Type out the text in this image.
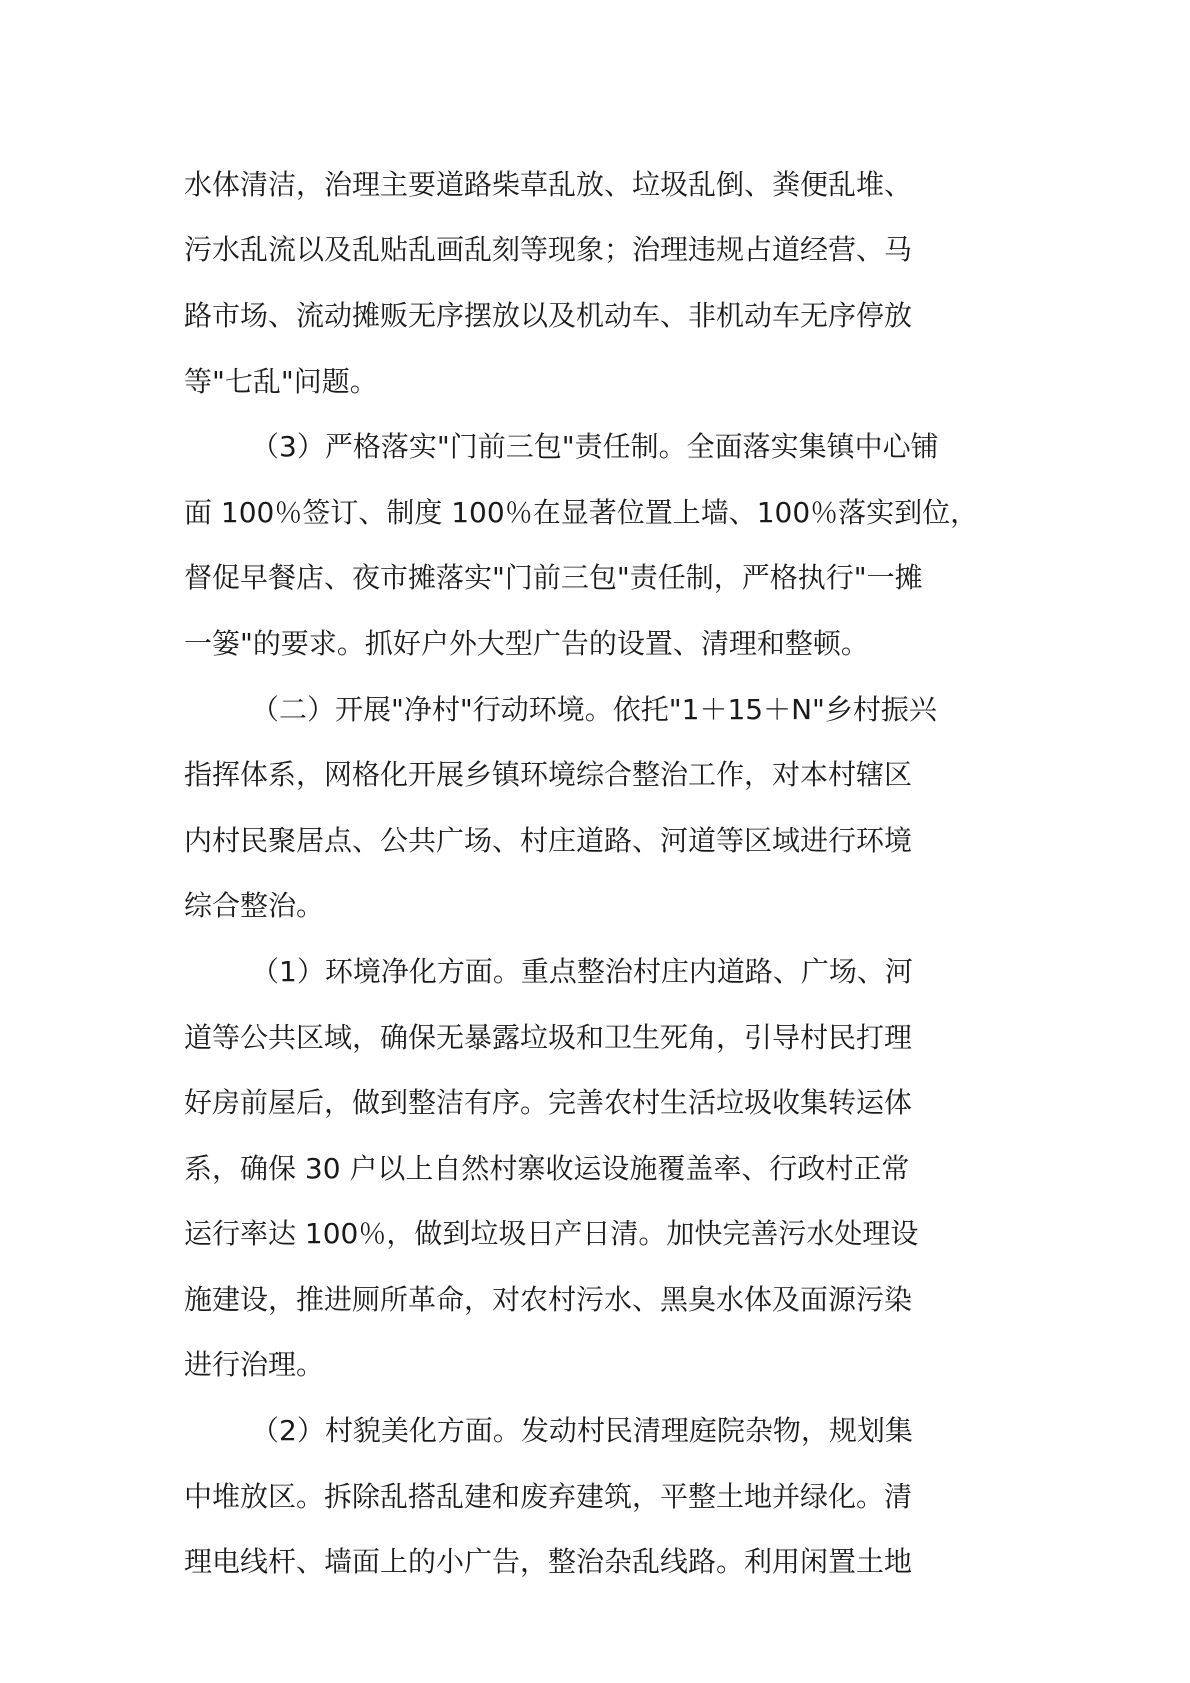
水体清洁，治理主要道路柴草乱放、垃圾乱倒、粪便乱堆、
污水乱流以及乱贴乱画乱刻等现象；治理违规占道经营、马
路市场、流动摊贩无序摆放以及机动车、非机动车无序停放
等"七乱"问题。
（3）严格落实"门前三包"责任制。全面落实集镇中心铺
面 100％签订、制度 100％在显著位置上墙、100％落实到位，
督促早餐店、夜市摊落实"门前三包"责任制，严格执行"一摊
一篓"的要求。抓好户外大型广告的设置、清理和整顿。
（二）开展"净村"行动环境。依托"1＋15＋N"乡村振兴
指挥体系，网格化开展乡镇环境综合整治工作，对本村辖区
内村民聚居点、公共广场、村庄道路、河道等区域进行环境
综合整治。
（1）环境净化方面。重点整治村庄内道路、广场、河
道等公共区域，确保无暴露垃圾和卫生死角，引导村民打理
好房前屋后，做到整洁有序。完善农村生活垃圾收集转运体
系，确保 30 户以上自然村寨收运设施覆盖率、行政村正常
运行率达 100％，做到垃圾日产日清。加快完善污水处理设
施建设，推进厕所革命，对农村污水、黑臭水体及面源污染
进行治理。
（2）村貌美化方面。发动村民清理庭院杂物，规划集
中堆放区。拆除乱搭乱建和废弃建筑，平整土地并绿化。清
理电线杆、墙面上的小广告，整治杂乱线路。利用闲置土地
